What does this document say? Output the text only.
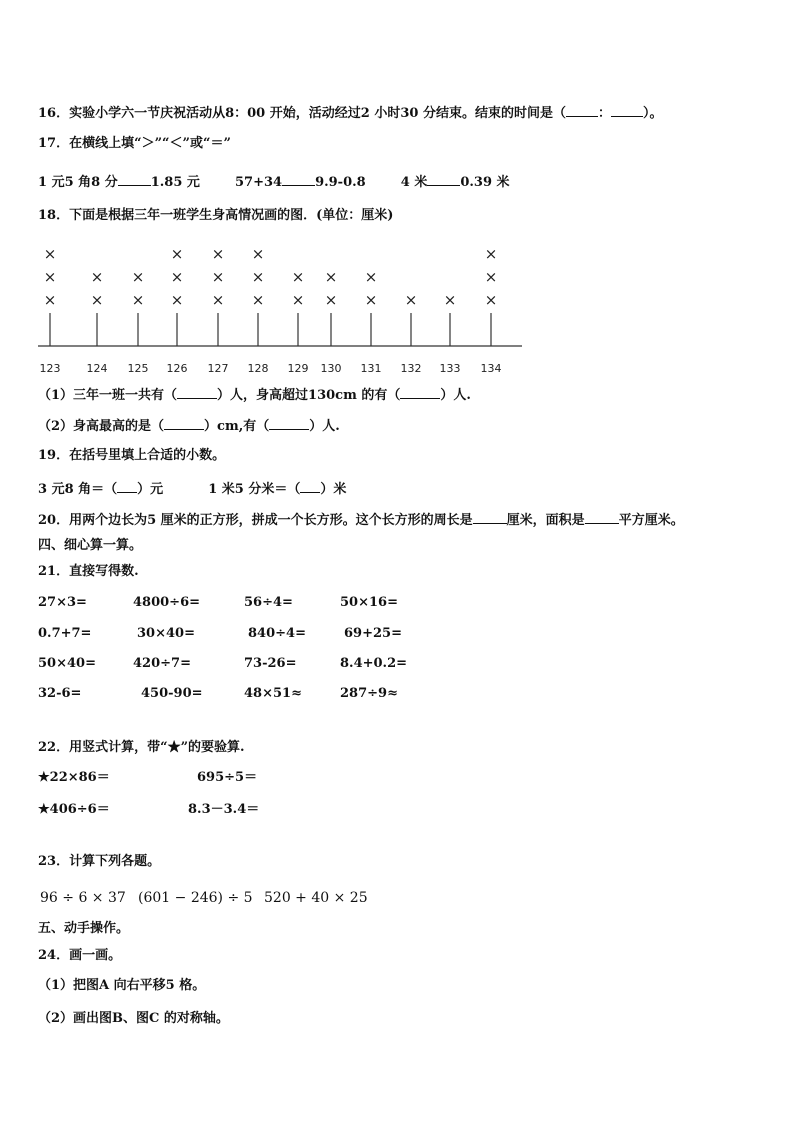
16．实验小学六一节庆祝活动从8：00 开始，活动经过2 小时30 分结束。结束的时间是（ ： ）。
17．在横线上填“＞”“＜”或“＝”
1 元5 角8 分	1.85 元	57+34	9.9-0.8	4 米	0.39 米
18．下面是根据三年一班学生身高情况画的图．(单位：厘米)
123
×
×
×
124
×
×
125
×
×
126
×
×
×
127
×
×
×
128
×
×
×
129
×
×
130
×
×
131
×
×
132
×
133
×
134
×
×
×
（1）三年一班一共有（	）人，身高超过130cm 的有（	）人.
（2）身高最高的是（	）cm,有（	）人.
19．在括号里填上合适的小数。
3 元8 角＝（ ）元	1 米5 分米＝（ ）米
20．用两个边长为5 厘米的正方形，拼成一个长方形。这个长方形的周长是	厘米，面积是	平方厘米。
四、细心算一算。
21．直接写得数.
27×3=	4800÷6=	56÷4=	50×16=
0.7+7=	30×40=	840÷4=	69+25=
50×40=	420÷7=	73-26=	8.4+0.2=
32-6=	450-90=	48×51≈	287÷9≈
22．用竖式计算，带“★”的要验算.
★22×86＝	695÷5＝
★406÷6＝	8.3－3.4＝
23．计算下列各题。
96 ÷ 6 × 37 (601 − 246) ÷ 5 520 + 40 × 25
五、动手操作。
24．画一画。
（1）把图A 向右平移5 格。
（2）画出图B、图C 的对称轴。
